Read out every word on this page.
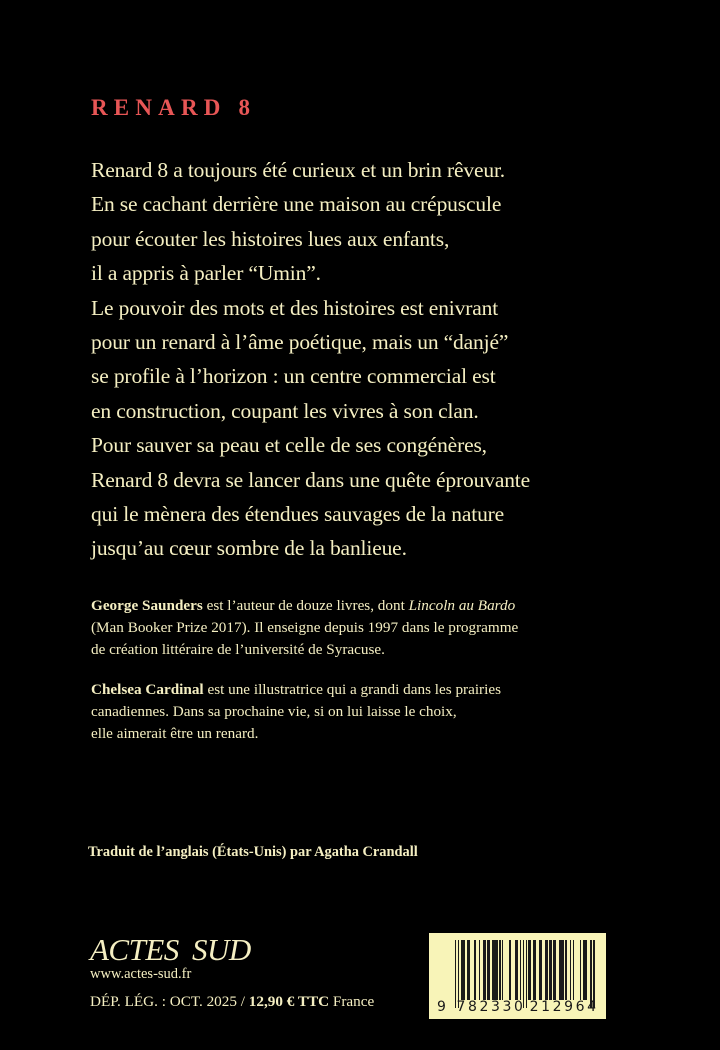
RENARD 8
Renard 8 a toujours été curieux et un brin rêveur.
En se cachant derrière une maison au crépuscule
pour écouter les histoires lues aux enfants,
il a appris à parler “Umin”.
Le pouvoir des mots et des histoires est enivrant
pour un renard à l’âme poétique, mais un “danjé”
se profile à l’horizon : un centre commercial est
en construction, coupant les vivres à son clan.
Pour sauver sa peau et celle de ses congénères,
Renard 8 devra se lancer dans une quête éprouvante
qui le mènera des étendues sauvages de la nature
jusqu’au cœur sombre de la banlieue.
George Saunders est l’auteur de douze livres, dont Lincoln au Bardo
(Man Booker Prize 2017). Il enseigne depuis 1997 dans le programme
de création littéraire de l’université de Syracuse.
Chelsea Cardinal est une illustratrice qui a grandi dans les prairies
canadiennes. Dans sa prochaine vie, si on lui laisse le choix,
elle aimerait être un renard.
Traduit de l’anglais (États-Unis) par Agatha Crandall
ACTES SUD
www.actes-sud.fr
DÉP. LÉG. : OCT. 2025 / 12,90 € TTC France	9 782330 212964
